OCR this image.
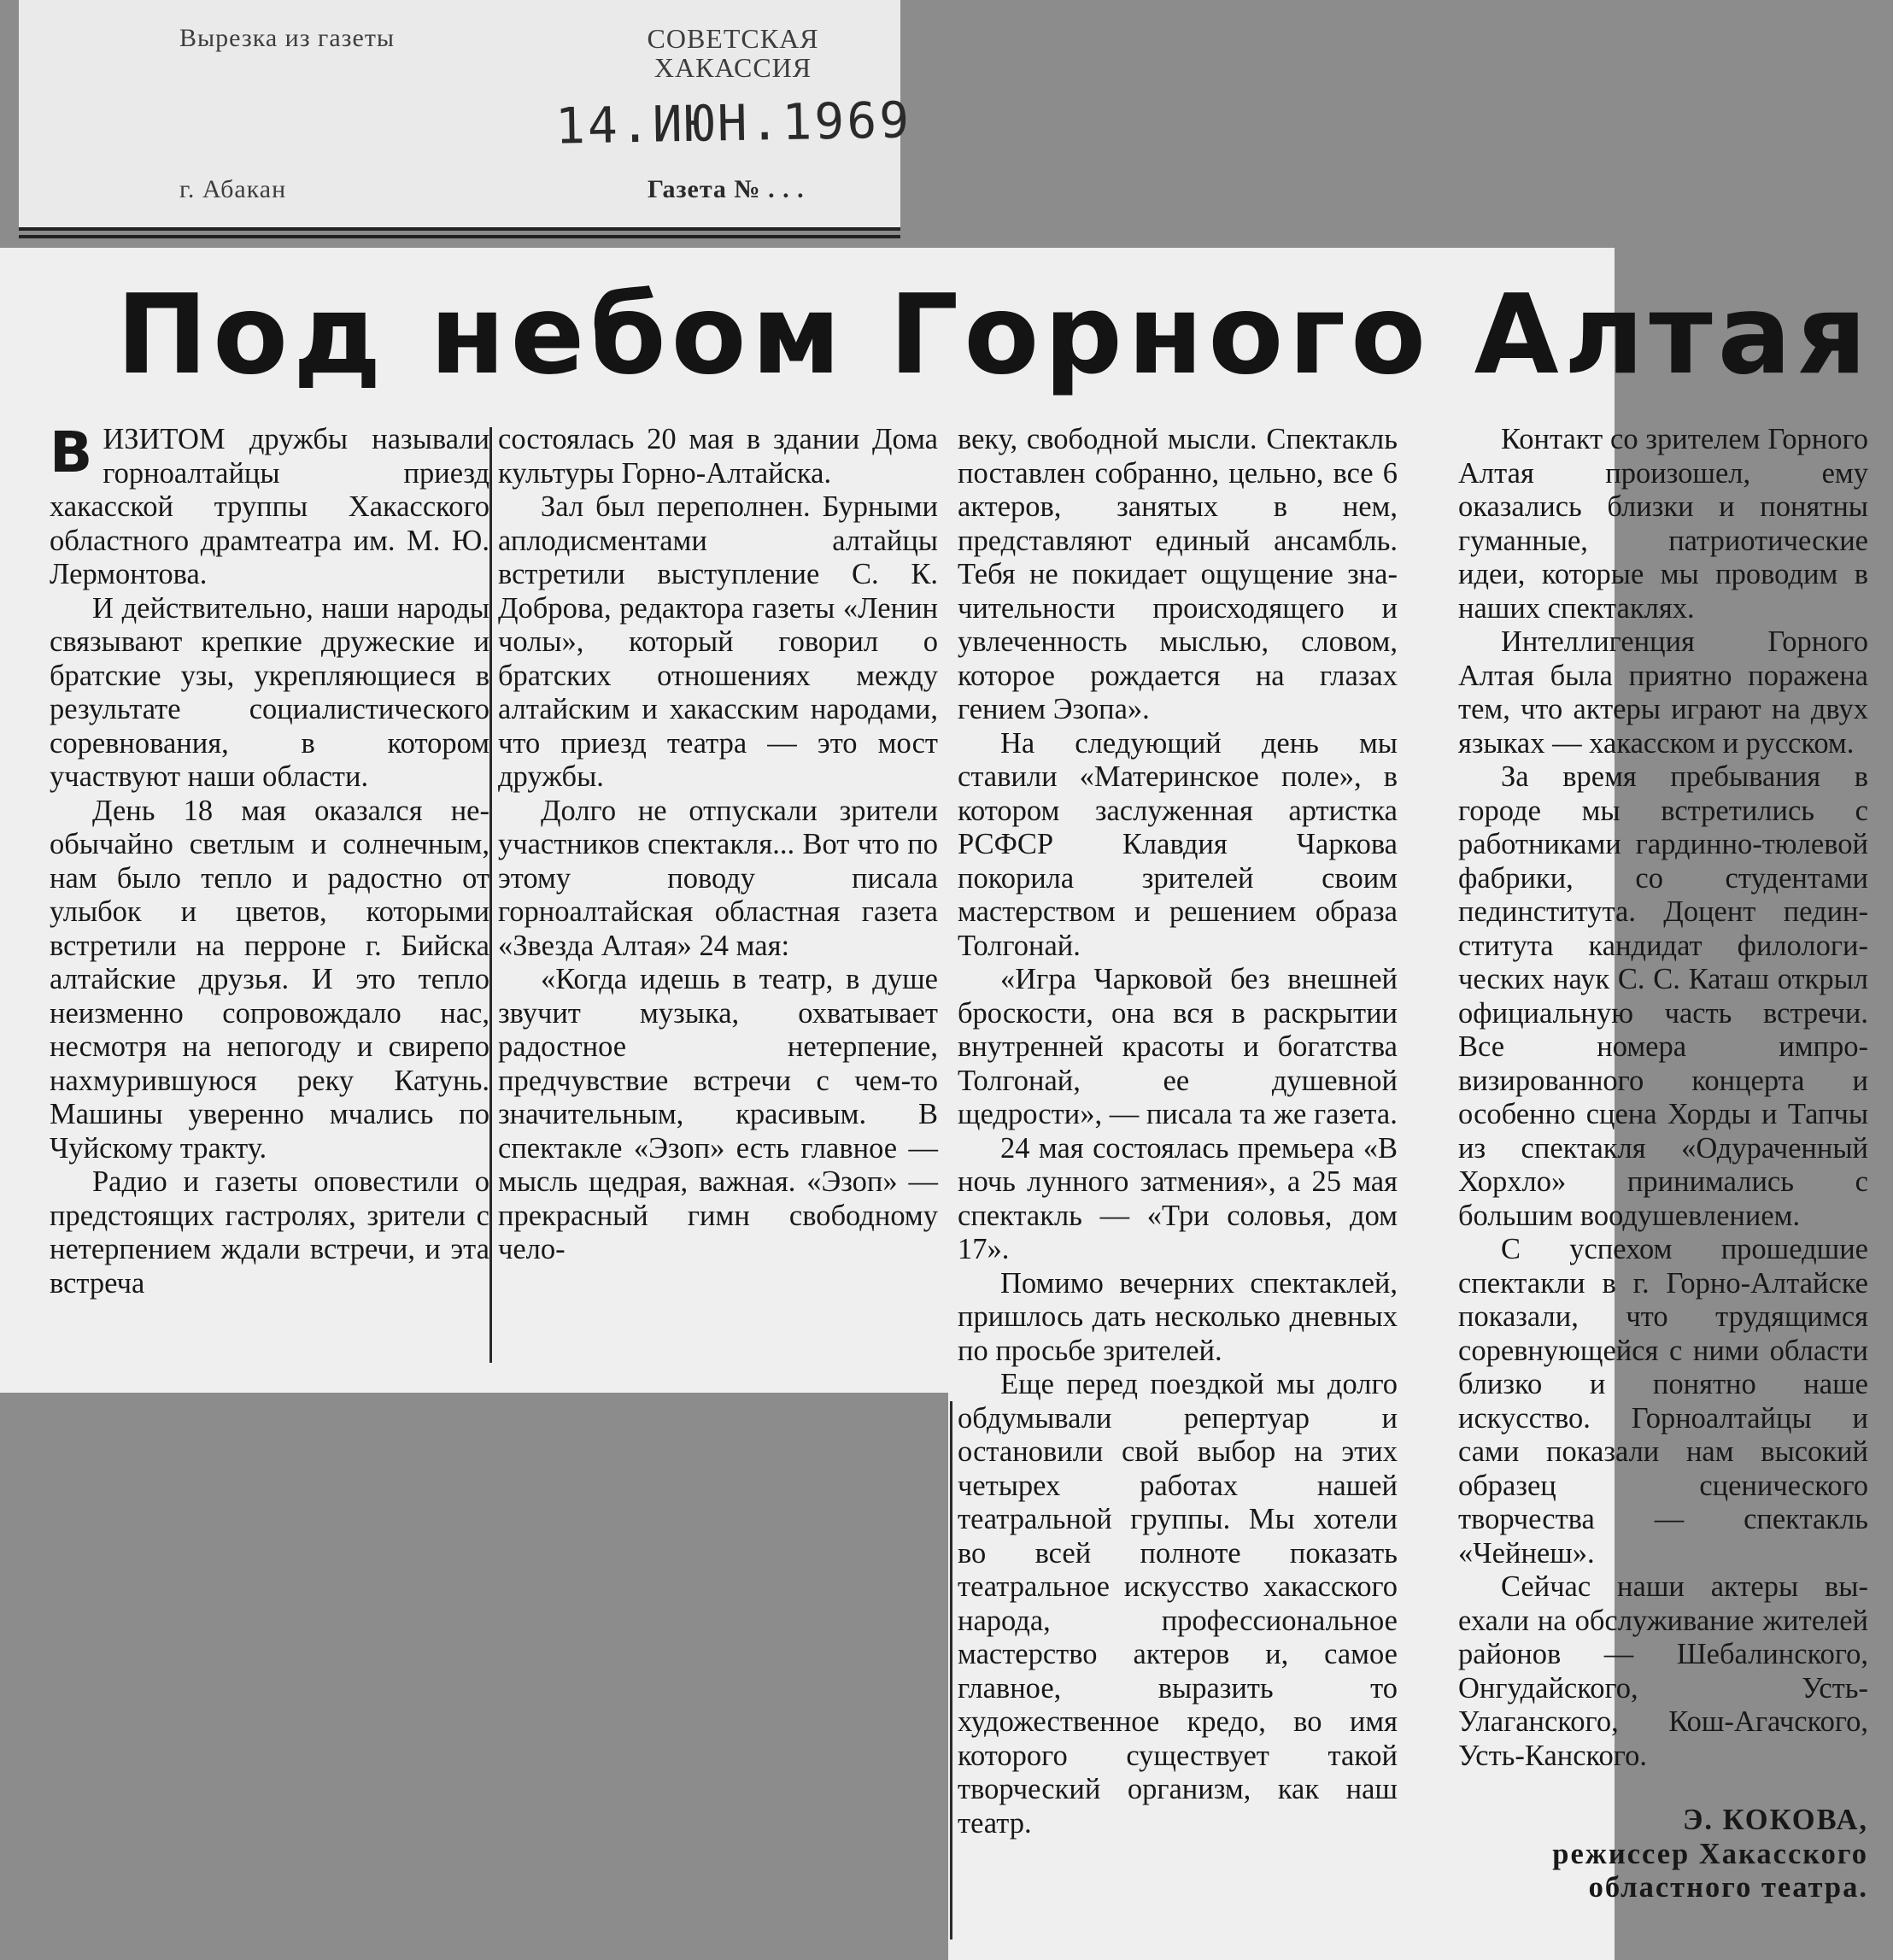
Вырезка из газеты	СОВЕТСКАЯ
ХАКАССИЯ
14.ИЮН.1969
г. Абакан	Газета № . . .
Под небом Горного Алтая

ВИЗИТОМ дружбы называли горноалтайцы приезд хакасской труппы Хакасского областного драмтеатра им. М. Ю. Лермонтова.

И действительно, наши народы связывают крепкие дружеские и братские узы, укрепляющиеся в результате социалистического соревнования, в котором участвуют наши области.

День 18 мая оказался необычайно светлым и солнечным, нам было тепло и радостно от улыбок и цветов, которыми встретили на перроне г. Бийска алтайские друзья. И это тепло неизменно сопровождало нас, несмотря на непогоду и свирепо нахмурившуюся реку Катунь. Машины уверенно мчались по Чуйскому тракту.

Радио и газеты оповестили о предстоящих гастролях, зрители с нетерпением ждали встречи, и эта встреча

состоялась 20 мая в здании Дома культуры Горно-Алтайска.

Зал был переполнен. Бурными аплодисментами алтайцы встретили выступление С. К. Доброва, редактора газеты «Ленин чолы», который говорил о братских отношениях между алтайским и хакасским народами, что приезд театра — это мост дружбы.

Долго не отпускали зрители участников спектакля... Вот что по этому поводу писала горноалтайская областная газета «Звезда Алтая» 24 мая:

«Когда идешь в театр, в душе звучит музыка, охватывает радостное нетерпение, предчувствие встречи с чем-то значительным, красивым. В спектакле «Эзоп» есть главное — мысль щедрая, важная. «Эзоп» — прекрасный гимн свободному чело-

веку, свободной мысли. Спектакль поставлен собранно, цельно, все 6 актеров, занятых в нем, представляют единый ансамбль. Тебя не покидает ощущение значительности происходящего и увлеченность мыслью, словом, которое рождается на глазах гением Эзопа».

На следующий день мы ставили «Материнское поле», в котором заслуженная артистка РСФСР Клавдия Чаркова покорила зрителей своим мастерством и решением образа Толгонай.

«Игра Чарковой без внешней броскости, она вся в раскрытии внутренней красоты и богатства Толгонай, ее душевной щедрости», — писала та же газета.

24 мая состоялась премьера «В ночь лунного затмения», а 25 мая спектакль — «Три соловья, дом 17».

Помимо вечерних спектаклей, пришлось дать несколько дневных по просьбе зрителей.

Еще перед поездкой мы долго обдумывали репертуар и остановили свой выбор на этих четырех работах нашей театральной группы. Мы хотели во всей полноте показать театральное искусство хакасского народа, профессиональное мастерство актеров и, самое главное, выразить то художественное кредо, во имя которого существует такой творческий организм, как наш театр.

Контакт со зрителем Горного Алтая произошел, ему оказались близки и понятны гуманные, патриотические идеи, которые мы проводим в наших спектаклях.

Интеллигенция Горного Алтая была приятно поражена тем, что актеры играют на двух языках — хакасском и русском.

За время пребывания в городе мы встретились с работниками гардинно-тюлевой фабрики, со студентами пединститута. Доцент пединститута кандидат филологических наук С. С. Каташ открыл официальную часть встречи. Все номера импровизированного концерта и особенно сцена Хорды и Тапчы из спектакля «Одураченный Хорхло» принимались с большим воодушевлением.

С успехом прошедшие спектакли в г. Горно-Алтайске показали, что трудящимся соревнующейся с ними области близко и понятно наше искусство. Горноалтайцы и сами показали нам высокий образец сценического творчества — спектакль «Чейнеш».

Сейчас наши актеры выехали на обслуживание жителей районов — Шебалинского, Онгудайского, Усть-Улаганского, Кош-Агачского, Усть-Канского.

Э. КОКОВА,

режиссер Хакасского

областного театра.
